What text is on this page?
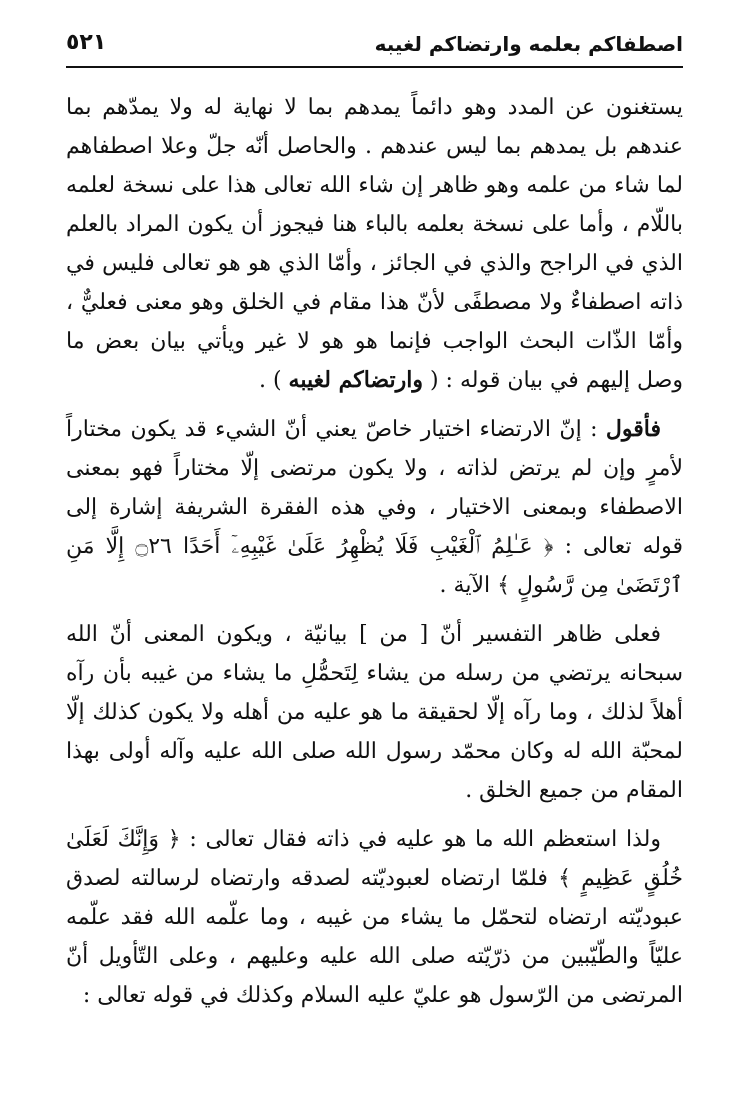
اصطفاكم بعلمه وارتضاكم لغيبه
٥٢١

يستغنون عن المدد وهو دائماً يمدهم بما لا نهاية له ولا يمدّهم بما عندهم بل يمدهم بما ليس عندهم . والحاصل أنّه جلّ وعلا اصطفاهم لما شاء من علمه وهو ظاهر إن شاء الله تعالى هذا على نسخة لعلمه باللّام ، وأما على نسخة بعلمه بالباء هنا فيجوز أن يكون المراد بالعلم الذي في الراجح والذي في الجائز ، وأمّا الذي هو هو تعالى فليس في ذاته اصطفاءٌ ولا مصطفًى لأنّ هذا مقام في الخلق وهو معنى فعليٌّ ، وأمّا الذّات البحث الواجب فإنما هو هو لا غير ويأتي بيان بعض ما وصل إليهم في بيان قوله : ( وارتضاكم لغيبه ) .

فأقول : إنّ الارتضاء اختيار خاصّ يعني أنّ الشيء قد يكون مختاراً لأمرٍ وإن لم يرتض لذاته ، ولا يكون مرتضى إلّا مختاراً فهو بمعنى الاصطفاء وبمعنى الاختيار ، وفي هذه الفقرة الشريفة إشارة إلى قوله تعالى : ﴿ عَـٰلِمُ ٱلْغَيْبِ فَلَا يُظْهِرُ عَلَىٰ غَيْبِهِۦٓ أَحَدًا ۝٢٦ إِلَّا مَنِ ٱرْتَضَىٰ مِن رَّسُولٍ ﴾ الآية .

فعلى ظاهر التفسير أنّ [ من ] بيانيّة ، ويكون المعنى أنّ الله سبحانه يرتضي من رسله من يشاء لِتَحمُّلِ ما يشاء من غيبه بأن رآه أهلاً لذلك ، وما رآه إلّا لحقيقة ما هو عليه من أهله ولا يكون كذلك إلّا لمحبّة الله له وكان محمّد رسول الله صلى الله عليه وآله أولى بهذا المقام من جميع الخلق .

ولذا استعظم الله ما هو عليه في ذاته فقال تعالى : ﴿ وَإِنَّكَ لَعَلَىٰ خُلُقٍ عَظِيمٍ ﴾ فلمّا ارتضاه لعبوديّته لصدقه وارتضاه لرسالته لصدق عبوديّته ارتضاه لتحمّل ما يشاء من غيبه ، وما علّمه الله فقد علّمه عليّاً والطّيّبين من ذرّيّته صلى الله عليه وعليهم ، وعلى التّأويل أنّ المرتضى من الرّسول هو عليّ عليه السلام وكذلك في قوله تعالى :
